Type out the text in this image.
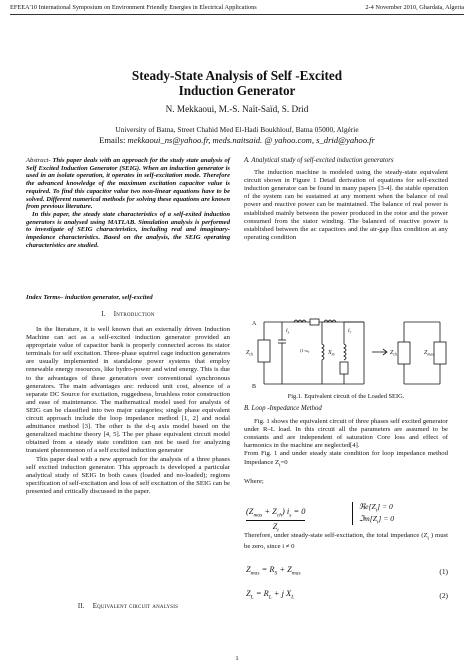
EFEEA'10 International Symposium on Environment Friendly Energies in Electrical Applications	2-4 November 2010, Ghardaïa, Algeria
Steady-State Analysis of Self -Excited
Induction Generator
N. Mekkaoui, M.-S. Naït-Saïd, S. Drid
University of Batna, Street Chahid Med El-Hadi Boukhlouf, Batna 05000, Algérie
Emails: mekkaoui_ns@yahoo.fr, meds.naitsaid. @ yahoo.com, s_drid@yahoo.fr

Abstract- This paper deals with an approach for the study state analysis of Self Excited Induction Generator (SEIG). When an induction generator is used in an isolate operation, it operates in self-excitation mode. Therefore the advanced knowledge of the maximum excitation capacitor value is required. To find this capacitor value two non-linear equations have to be solved. Different numerical methods for solving these equations are known from previous literature.

In this paper, the steady state characteristics of a self-exited induction generators is analysed using MATLAB. Simulation analysis is performed to investigate of SEIG characteristics, including real and imaginary-impedance characteristics. Based on the analysis, the SEIG operating characteristics are studied.

Index Terms– induction generator, self-excited
I. Introduction

In the literature, it is well known that an externally driven Induction Machine can act as a self-excited induction generator provided an appropriate value of capacitor bank is properly connected across its stator terminals for self excitation. Three-phase squirrel cage induction generators are usually implemented in standalone power systems that employ renewable energy resources, like hydro-power and wind energy. This is due to the advantages of these generators over conventional synchronous generators. The main advantages are: reduced unit cost, absence of a separate DC Source for excitation, ruggedness, brushless rotor construction and ease of maintenance. The mathematical model used for analysis of SEIG can be classified into two major categories; single phase equivalent circuit approach include the loop impedance method [1, 2] and nodal admittance method [3]. The other is the d-q axis model based on the generalized machine theory [4, 5]. The per phase equivalent circuit model obtained from a steady state condition can not be used for analyzing transient phenomenon of a self excited induction generator

This paper deal with a new approach for the analysis of a three phases self excited induction generator. This approach is developed a particular analytical study of SEIG In both cases (loaded and no-loaded); regions specification of self-excitation and loss of self excitation of the SEIG can be presented and critically discussed in the paper.

II. Equivalent circuit analysis
A. Analytical study of self-excited induction generators

The induction machine is modeled using the steady-state equivalent circuit shown in Figure 1 Detail derivation of equations for self-excited induction generator can be found in many papers [3-4]. the stable operation of the system can be sustained at any moment when the balance of real power and reactive power can be maintained. The balance of real power is established mainly between the power produced in the rotor and the power consumed from the stator winding. The balanced of reactive power is established between the ac capacitors and the air-gap flux condition at any operating condition

A
B
$Z_{ch}$	$X_m$
($1-\omega_r$
$i_s$	$i_r$
$Z_{ch}$	$Z_{mas}$
Fig.1. Equivalent circuit of the Loaded SEIG.
B. Loop -Impedance Method

Fig. 1 shows the equivalent circuit of three phases self excited generator under R–L load. In this circuit all the parameters are assumed to be constants and are independent of saturation Core loss and effect of harmonics in the machine are neglected[4].

From Fig. 1 and under steady state condition for loop impedance method Impedance $Z_t=0$

Where;

$(Z_{mas} + Z_{ch}) i_s = 0$
$Z_t$
$ℜe[Z_t] = 0$
$ℑm[Z_t] = 0$

Therefore, under steady-state self-excitation, the total impedance ($Z_t$ ) must be zero, since i ≠ 0

$Z_{mas} = R_S + Z_{mas}$	(1)
$Z_L = R_L + j$ $X_L$	(2)
1
